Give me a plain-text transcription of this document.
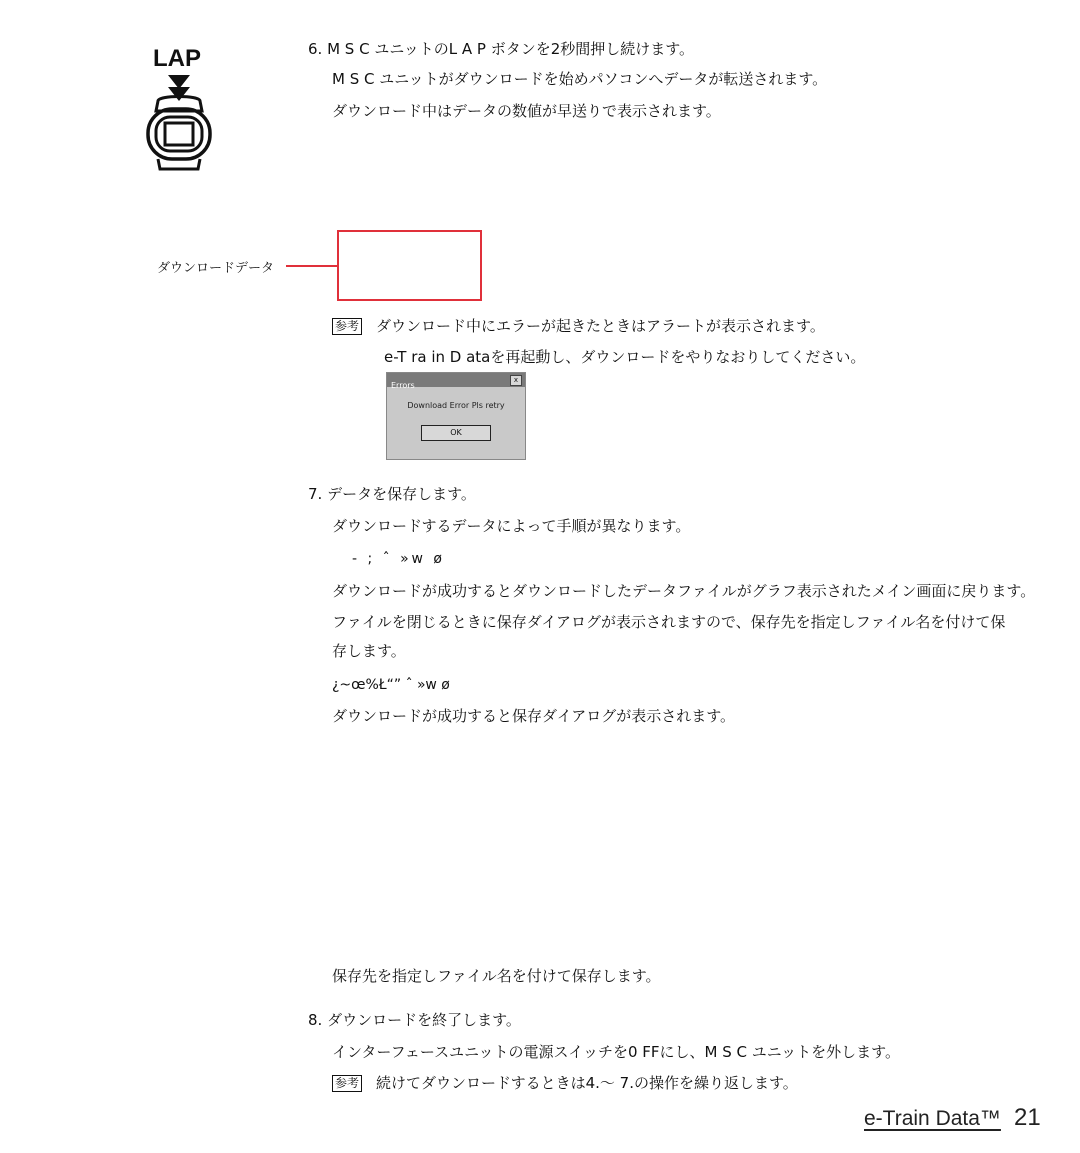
LAP	6. M S C ユニットのL A P ボタンを2秒間押し続けます。
M S C ユニットがダウンロードを始めパソコンへデータが転送されます。
ダウンロード中はデータの数値が早送りで表示されます。
ダウンロードデータ
参考 ダウンロード中にエラーが起きたときはアラートが表示されます。
e-T ra in D ataを再起動し、ダウンロードをやりなおりしてください。
Errors
x
Download Error Pls retry
OK
7. データを保存します。
ダウンロードするデータによって手順が異なります。
- ; ˆ »w ø
ダウンロードが成功するとダウンロードしたデータファイルがグラフ表示されたメイン画面に戻ります。
ファイルを閉じるときに保存ダイアログが表示されますので、保存先を指定しファイル名を付けて保
存します。
¿~œ%Ł“” ˆ »w ø
ダウンロードが成功すると保存ダイアログが表示されます。
保存先を指定しファイル名を付けて保存します。
8. ダウンロードを終了します。
インターフェースユニットの電源スイッチを0 FFにし、M S C ユニットを外します。
参考 続けてダウンロードするときは4.～ 7.の操作を繰り返します。
e-Train Data™ 21
